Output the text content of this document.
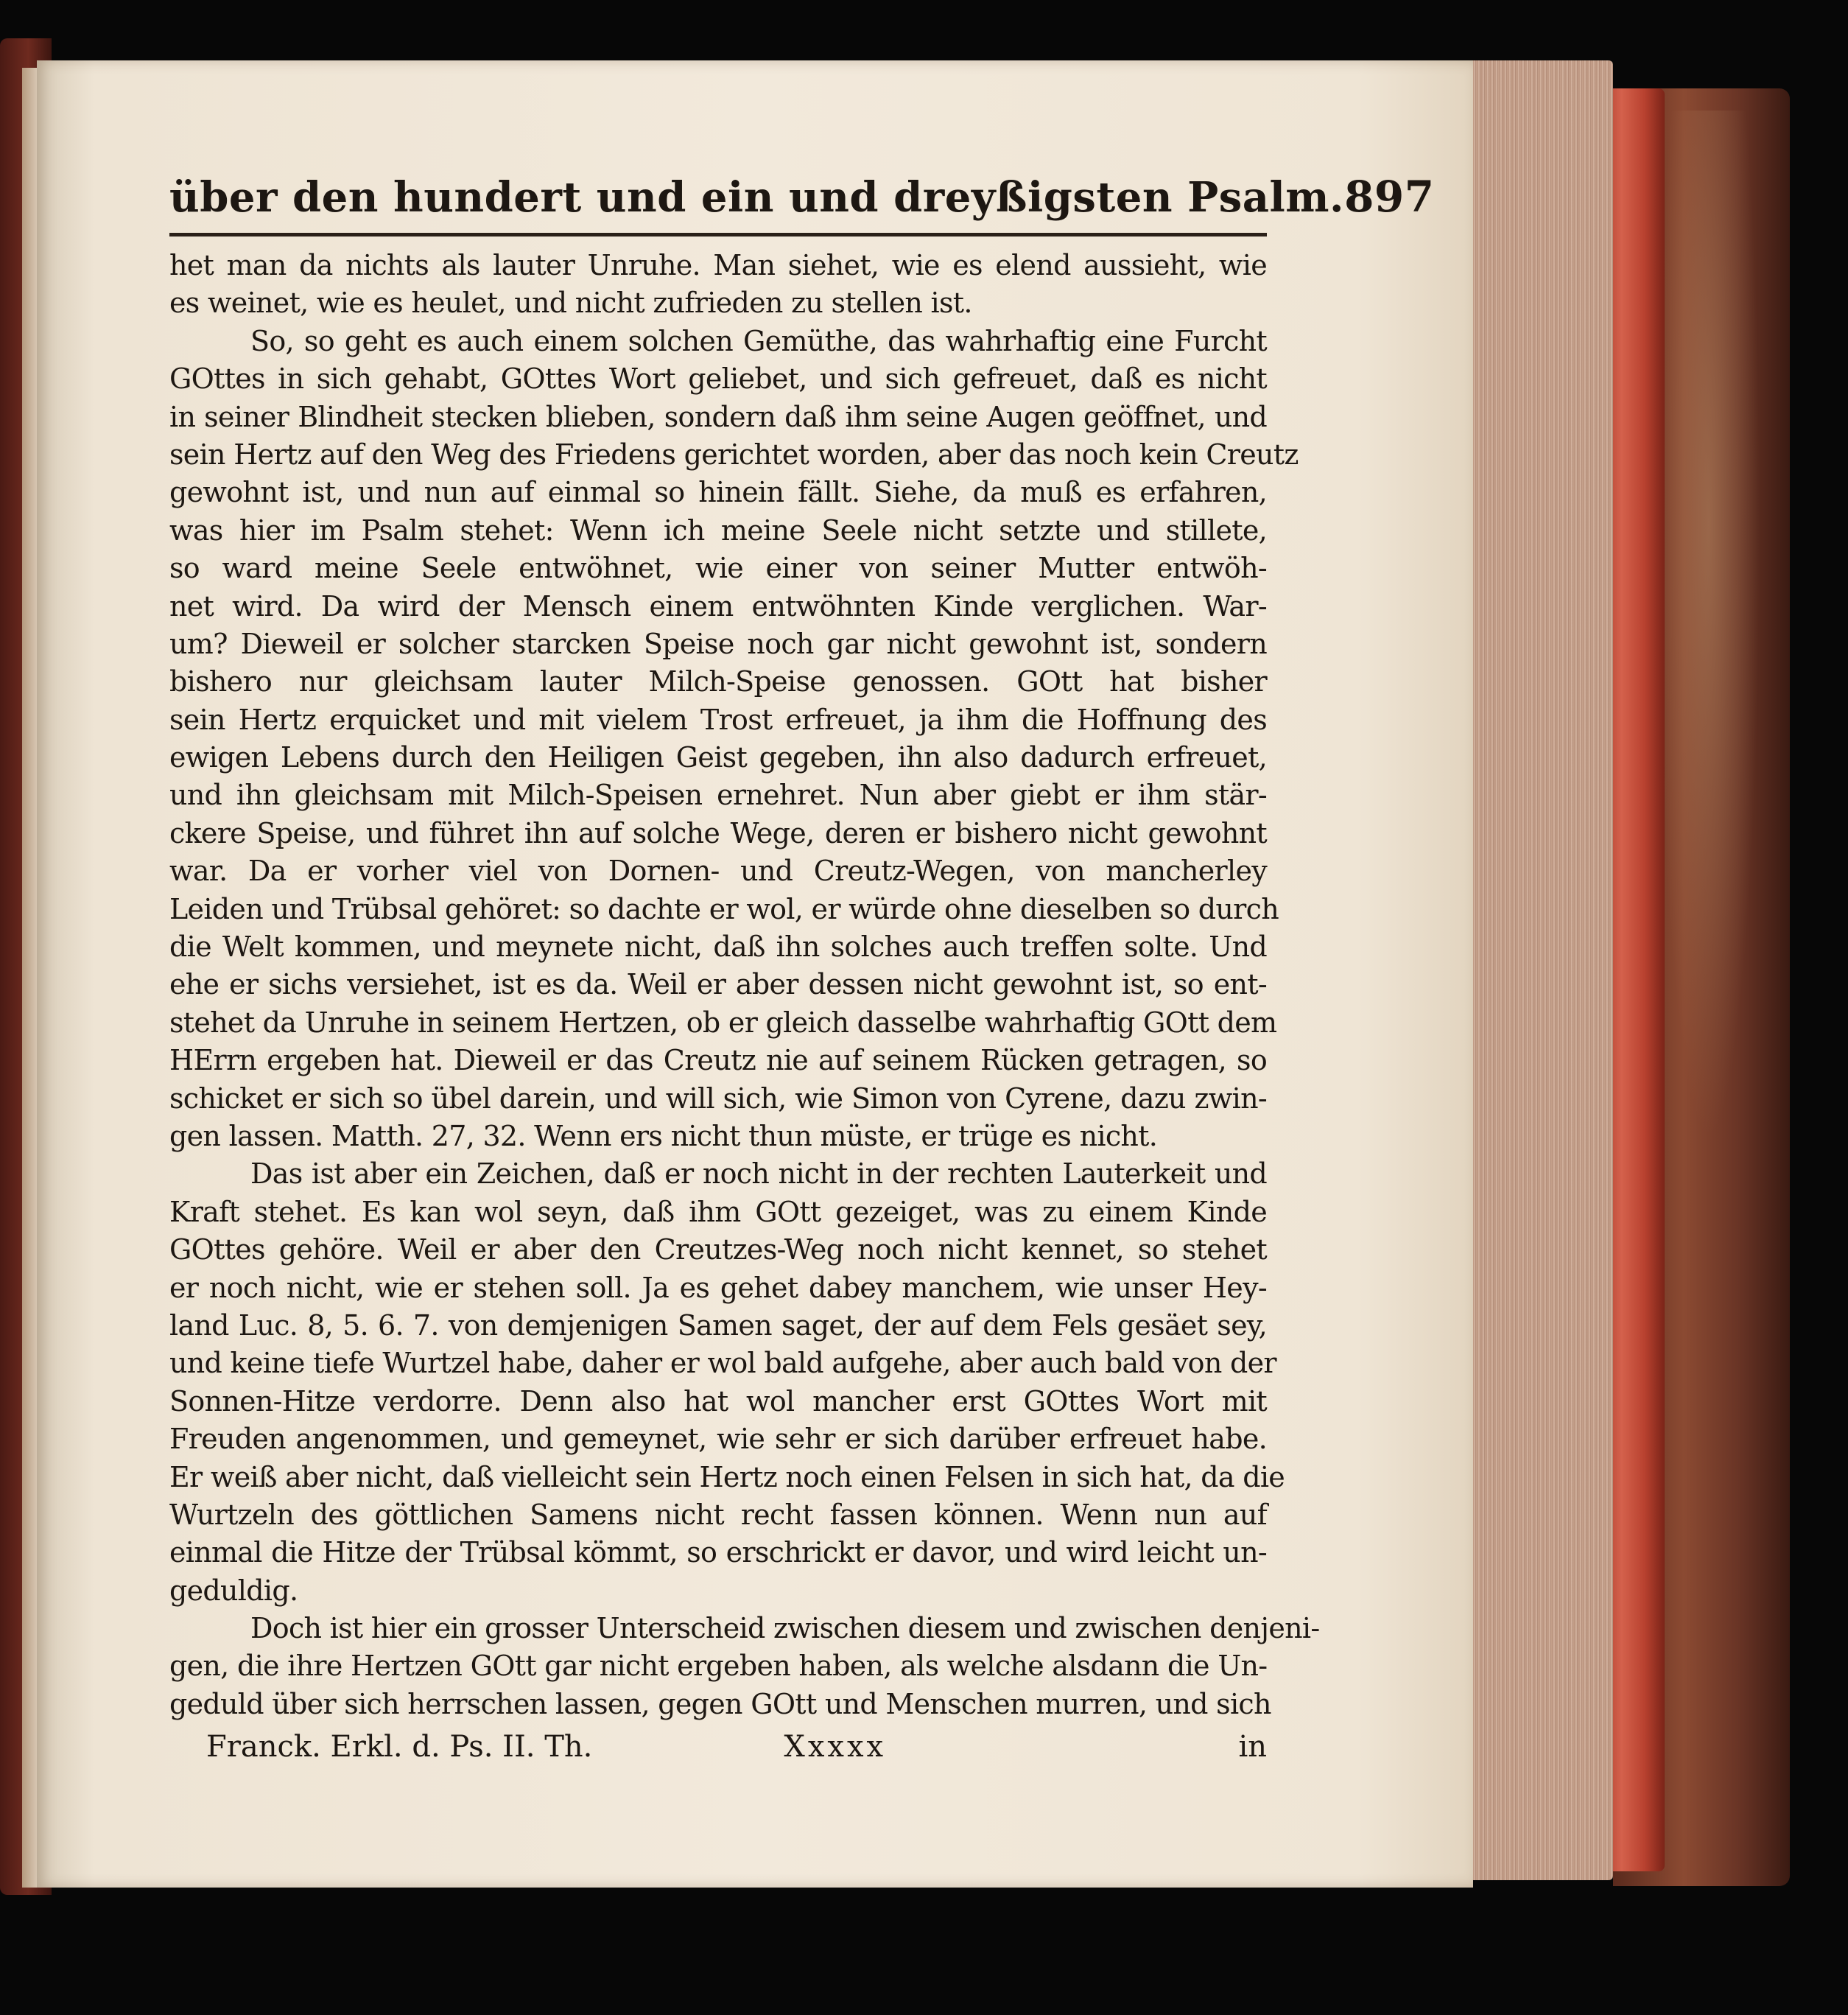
über den hundert und ein und dreyßigsten Psalm. 897
het man da nichts als lauter Unruhe. Man siehet, wie es elend aussieht, wie
es weinet, wie es heulet, und nicht zufrieden zu stellen ist.
So, so geht es auch einem solchen Gemüthe, das wahrhaftig eine Furcht
GOttes in sich gehabt, GOttes Wort geliebet, und sich gefreuet, daß es nicht
in seiner Blindheit stecken blieben, sondern daß ihm seine Augen geöffnet, und
sein Hertz auf den Weg des Friedens gerichtet worden, aber das noch kein Creutz
gewohnt ist, und nun auf einmal so hinein fällt. Siehe, da muß es erfahren,
was hier im Psalm stehet: Wenn ich meine Seele nicht setzte und stillete,
so ward meine Seele entwöhnet, wie einer von seiner Mutter entwöh-
net wird. Da wird der Mensch einem entwöhnten Kinde verglichen. War-
um? Dieweil er solcher starcken Speise noch gar nicht gewohnt ist, sondern
bishero nur gleichsam lauter Milch-Speise genossen. GOtt hat bisher
sein Hertz erquicket und mit vielem Trost erfreuet, ja ihm die Hoffnung des
ewigen Lebens durch den Heiligen Geist gegeben, ihn also dadurch erfreuet,
und ihn gleichsam mit Milch-Speisen ernehret. Nun aber giebt er ihm stär-
ckere Speise, und führet ihn auf solche Wege, deren er bishero nicht gewohnt
war. Da er vorher viel von Dornen- und Creutz-Wegen, von mancherley
Leiden und Trübsal gehöret: so dachte er wol, er würde ohne dieselben so durch
die Welt kommen, und meynete nicht, daß ihn solches auch treffen solte. Und
ehe er sichs versiehet, ist es da. Weil er aber dessen nicht gewohnt ist, so ent-
stehet da Unruhe in seinem Hertzen, ob er gleich dasselbe wahrhaftig GOtt dem
HErrn ergeben hat. Dieweil er das Creutz nie auf seinem Rücken getragen, so
schicket er sich so übel darein, und will sich, wie Simon von Cyrene, dazu zwin-
gen lassen. Matth. 27, 32. Wenn ers nicht thun müste, er trüge es nicht.
Das ist aber ein Zeichen, daß er noch nicht in der rechten Lauterkeit und
Kraft stehet. Es kan wol seyn, daß ihm GOtt gezeiget, was zu einem Kinde
GOttes gehöre. Weil er aber den Creutzes-Weg noch nicht kennet, so stehet
er noch nicht, wie er stehen soll. Ja es gehet dabey manchem, wie unser Hey-
land Luc. 8, 5. 6. 7. von demjenigen Samen saget, der auf dem Fels gesäet sey,
und keine tiefe Wurtzel habe, daher er wol bald aufgehe, aber auch bald von der
Sonnen-Hitze verdorre. Denn also hat wol mancher erst GOttes Wort mit
Freuden angenommen, und gemeynet, wie sehr er sich darüber erfreuet habe.
Er weiß aber nicht, daß vielleicht sein Hertz noch einen Felsen in sich hat, da die
Wurtzeln des göttlichen Samens nicht recht fassen können. Wenn nun auf
einmal die Hitze der Trübsal kömmt, so erschrickt er davor, und wird leicht un-
geduldig.
Doch ist hier ein grosser Unterscheid zwischen diesem und zwischen denjeni-
gen, die ihre Hertzen GOtt gar nicht ergeben haben, als welche alsdann die Un-
geduld über sich herrschen lassen, gegen GOtt und Menschen murren, und sich
Franck. Erkl. d. Ps. II. Th.	Xxxxx	in
